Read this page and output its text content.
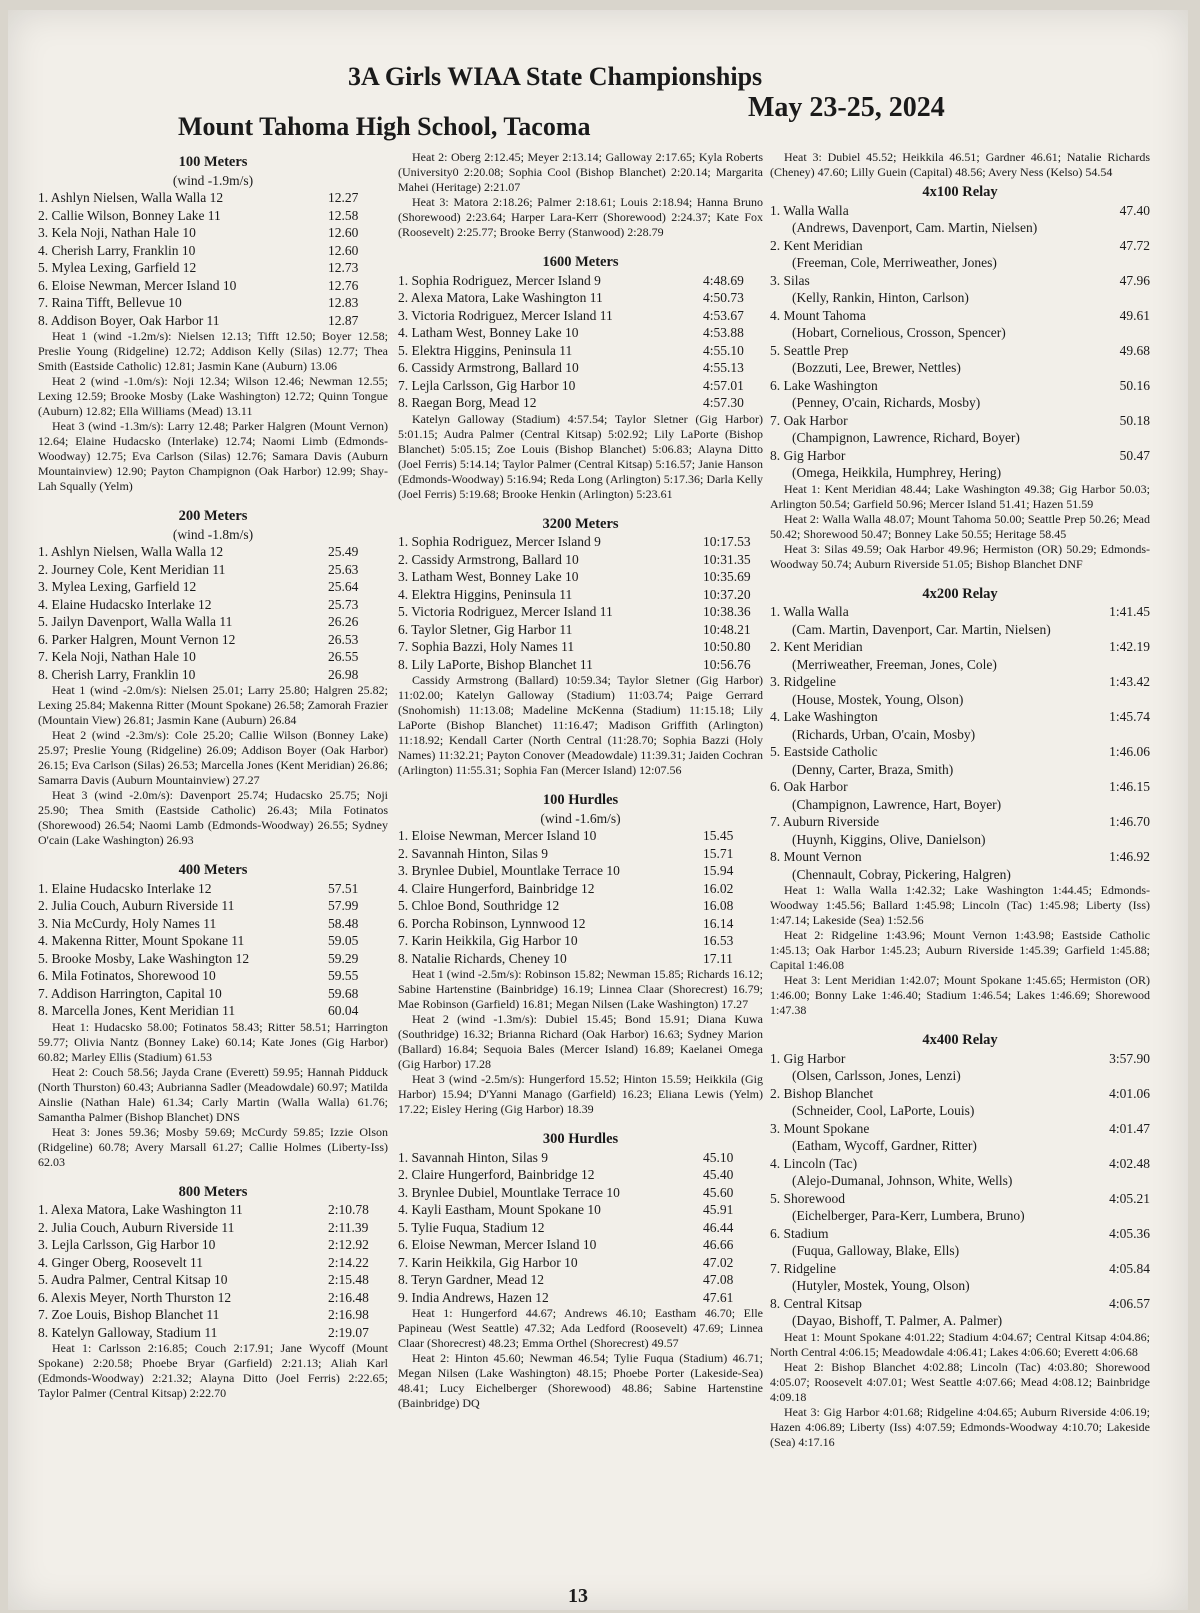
3A Girls WIAA State Championships
May 23-25, 2024
Mount Tahoma High School, Tacoma
100 Meters
(wind -1.9m/s)
1. Ashlyn Nielsen, Walla Walla 12	12.27
2. Callie Wilson, Bonney Lake 11	12.58
3. Kela Noji, Nathan Hale 10	12.60
4. Cherish Larry, Franklin 10	12.60
5. Mylea Lexing, Garfield 12	12.73
6. Eloise Newman, Mercer Island 10	12.76
7. Raina Tifft, Bellevue 10	12.83
8. Addison Boyer, Oak Harbor 11	12.87
Heat 1 (wind -1.2m/s): Nielsen 12.13; Tifft 12.50; Boyer 12.58; Preslie Young (Ridgeline) 12.72; Addison Kelly (Silas) 12.77; Thea Smith (Eastside Catholic) 12.81; Jasmin Kane (Auburn) 13.06
Heat 2 (wind -1.0m/s): Noji 12.34; Wilson 12.46; Newman 12.55; Lexing 12.59; Brooke Mosby (Lake Washington) 12.72; Quinn Tongue (Auburn) 12.82; Ella Williams (Mead) 13.11
Heat 3 (wind -1.3m/s): Larry 12.48; Parker Halgren (Mount Vernon) 12.64; Elaine Hudacsko (Interlake) 12.74; Naomi Limb (Edmonds-Woodway) 12.75; Eva Carlson (Silas) 12.76; Samara Davis (Auburn Mountainview) 12.90; Payton Champignon (Oak Harbor) 12.99; Shay-Lah Squally (Yelm)
200 Meters
(wind -1.8m/s)
1. Ashlyn Nielsen, Walla Walla 12	25.49
2. Journey Cole, Kent Meridian 11	25.63
3. Mylea Lexing, Garfield 12	25.64
4. Elaine Hudacsko Interlake 12	25.73
5. Jailyn Davenport, Walla Walla 11	26.26
6. Parker Halgren, Mount Vernon 12	26.53
7. Kela Noji, Nathan Hale 10	26.55
8. Cherish Larry, Franklin 10	26.98
Heat 1 (wind -2.0m/s): Nielsen 25.01; Larry 25.80; Halgren 25.82; Lexing 25.84; Makenna Ritter (Mount Spokane) 26.58; Zamorah Frazier (Mountain View) 26.81; Jasmin Kane (Auburn) 26.84
Heat 2 (wind -2.3m/s): Cole 25.20; Callie Wilson (Bonney Lake) 25.97; Preslie Young (Ridgeline) 26.09; Addison Boyer (Oak Harbor) 26.15; Eva Carlson (Silas) 26.53; Marcella Jones (Kent Meridian) 26.86; Samarra Davis (Auburn Mountainview) 27.27
Heat 3 (wind -2.0m/s): Davenport 25.74; Hudacsko 25.75; Noji 25.90; Thea Smith (Eastside Catholic) 26.43; Mila Fotinatos (Shorewood) 26.54; Naomi Lamb (Edmonds-Woodway) 26.55; Sydney O'cain (Lake Washington) 26.93
400 Meters
1. Elaine Hudacsko Interlake 12	57.51
2. Julia Couch, Auburn Riverside 11	57.99
3. Nia McCurdy, Holy Names 11	58.48
4. Makenna Ritter, Mount Spokane 11	59.05
5. Brooke Mosby, Lake Washington 12	59.29
6. Mila Fotinatos, Shorewood 10	59.55
7. Addison Harrington, Capital 10	59.68
8. Marcella Jones, Kent Meridian 11	60.04
Heat 1: Hudacsko 58.00; Fotinatos 58.43; Ritter 58.51; Harrington 59.77; Olivia Nantz (Bonney Lake) 60.14; Kate Jones (Gig Harbor) 60.82; Marley Ellis (Stadium) 61.53
Heat 2: Couch 58.56; Jayda Crane (Everett) 59.95; Hannah Pidduck (North Thurston) 60.43; Aubrianna Sadler (Meadowdale) 60.97; Matilda Ainslie (Nathan Hale) 61.34; Carly Martin (Walla Walla) 61.76; Samantha Palmer (Bishop Blanchet) DNS
Heat 3: Jones 59.36; Mosby 59.69; McCurdy 59.85; Izzie Olson (Ridgeline) 60.78; Avery Marsall 61.27; Callie Holmes (Liberty-Iss) 62.03
800 Meters
1. Alexa Matora, Lake Washington 11	2:10.78
2. Julia Couch, Auburn Riverside 11	2:11.39
3. Lejla Carlsson, Gig Harbor 10	2:12.92
4. Ginger Oberg, Roosevelt 11	2:14.22
5. Audra Palmer, Central Kitsap 10	2:15.48
6. Alexis Meyer, North Thurston 12	2:16.48
7. Zoe Louis, Bishop Blanchet 11	2:16.98
8. Katelyn Galloway, Stadium 11	2:19.07
Heat 1: Carlsson 2:16.85; Couch 2:17.91; Jane Wycoff (Mount Spokane) 2:20.58; Phoebe Bryar (Garfield) 2:21.13; Aliah Karl (Edmonds-Woodway) 2:21.32; Alayna Ditto (Joel Ferris) 2:22.65; Taylor Palmer (Central Kitsap) 2:22.70
Heat 2: Oberg 2:12.45; Meyer 2:13.14; Galloway 2:17.65; Kyla Roberts (University0 2:20.08; Sophia Cool (Bishop Blanchet) 2:20.14; Margarita Mahei (Heritage) 2:21.07
Heat 3: Matora 2:18.26; Palmer 2:18.61; Louis 2:18.94; Hanna Bruno (Shorewood) 2:23.64; Harper Lara-Kerr (Shorewood) 2:24.37; Kate Fox (Roosevelt) 2:25.77; Brooke Berry (Stanwood) 2:28.79
1600 Meters
1. Sophia Rodriguez, Mercer Island 9	4:48.69
2. Alexa Matora, Lake Washington 11	4:50.73
3. Victoria Rodriguez, Mercer Island 11	4:53.67
4. Latham West, Bonney Lake 10	4:53.88
5. Elektra Higgins, Peninsula 11	4:55.10
6. Cassidy Armstrong, Ballard 10	4:55.13
7. Lejla Carlsson, Gig Harbor 10	4:57.01
8. Raegan Borg, Mead 12	4:57.30
Katelyn Galloway (Stadium) 4:57.54; Taylor Sletner (Gig Harbor) 5:01.15; Audra Palmer (Central Kitsap) 5:02.92; Lily LaPorte (Bishop Blanchet) 5:05.15; Zoe Louis (Bishop Blanchet) 5:06.83; Alayna Ditto (Joel Ferris) 5:14.14; Taylor Palmer (Central Kitsap) 5:16.57; Janie Hanson (Edmonds-Woodway) 5:16.94; Reda Long (Arlington) 5:17.36; Darla Kelly (Joel Ferris) 5:19.68; Brooke Henkin (Arlington) 5:23.61
3200 Meters
1. Sophia Rodriguez, Mercer Island 9	10:17.53
2. Cassidy Armstrong, Ballard 10	10:31.35
3. Latham West, Bonney Lake 10	10:35.69
4. Elektra Higgins, Peninsula 11	10:37.20
5. Victoria Rodriguez, Mercer Island 11	10:38.36
6. Taylor Sletner, Gig Harbor 11	10:48.21
7. Sophia Bazzi, Holy Names 11	10:50.80
8. Lily LaPorte, Bishop Blanchet 11	10:56.76
Cassidy Armstrong (Ballard) 10:59.34; Taylor Sletner (Gig Harbor) 11:02.00; Katelyn Galloway (Stadium) 11:03.74; Paige Gerrard (Snohomish) 11:13.08; Madeline McKenna (Stadium) 11:15.18; Lily LaPorte (Bishop Blanchet) 11:16.47; Madison Griffith (Arlington) 11:18.92; Kendall Carter (North Central (11:28.70; Sophia Bazzi (Holy Names) 11:32.21; Payton Conover (Meadowdale) 11:39.31; Jaiden Cochran (Arlington) 11:55.31; Sophia Fan (Mercer Island) 12:07.56
100 Hurdles
(wind -1.6m/s)
1. Eloise Newman, Mercer Island 10	15.45
2. Savannah Hinton, Silas 9	15.71
3. Brynlee Dubiel, Mountlake Terrace 10	15.94
4. Claire Hungerford, Bainbridge 12	16.02
5. Chloe Bond, Southridge 12	16.08
6. Porcha Robinson, Lynnwood 12	16.14
7. Karin Heikkila, Gig Harbor 10	16.53
8. Natalie Richards, Cheney 10	17.11
Heat 1 (wind -2.5m/s): Robinson 15.82; Newman 15.85; Richards 16.12; Sabine Hartenstine (Bainbridge) 16.19; Linnea Claar (Shorecrest) 16.79; Mae Robinson (Garfield) 16.81; Megan Nilsen (Lake Washington) 17.27
Heat 2 (wind -1.3m/s): Dubiel 15.45; Bond 15.91; Diana Kuwa (Southridge) 16.32; Brianna Richard (Oak Harbor) 16.63; Sydney Marion (Ballard) 16.84; Sequoia Bales (Mercer Island) 16.89; Kaelanei Omega (Gig Harbor) 17.28
Heat 3 (wind -2.5m/s): Hungerford 15.52; Hinton 15.59; Heikkila (Gig Harbor) 15.94; D'Yanni Manago (Garfield) 16.23; Eliana Lewis (Yelm) 17.22; Eisley Hering (Gig Harbor) 18.39
300 Hurdles
1. Savannah Hinton, Silas 9	45.10
2. Claire Hungerford, Bainbridge 12	45.40
3. Brynlee Dubiel, Mountlake Terrace 10	45.60
4. Kayli Eastham, Mount Spokane 10	45.91
5. Tylie Fuqua, Stadium 12	46.44
6. Eloise Newman, Mercer Island 10	46.66
7. Karin Heikkila, Gig Harbor 10	47.02
8. Teryn Gardner, Mead 12	47.08
9. India Andrews, Hazen 12	47.61
Heat 1: Hungerford 44.67; Andrews 46.10; Eastham 46.70; Elle Papineau (West Seattle) 47.32; Ada Ledford (Roosevelt) 47.69; Linnea Claar (Shorecrest) 48.23; Emma Orthel (Shorecrest) 49.57
Heat 2: Hinton 45.60; Newman 46.54; Tylie Fuqua (Stadium) 46.71; Megan Nilsen (Lake Washington) 48.15; Phoebe Porter (Lakeside-Sea) 48.41; Lucy Eichelberger (Shorewood) 48.86; Sabine Hartenstine (Bainbridge) DQ
Heat 3: Dubiel 45.52; Heikkila 46.51; Gardner 46.61; Natalie Richards (Cheney) 47.60; Lilly Guein (Capital) 48.56; Avery Ness (Kelso) 54.54
4x100 Relay
1. Walla Walla	47.40
(Andrews, Davenport, Cam. Martin, Nielsen)
2. Kent Meridian	47.72
(Freeman, Cole, Merriweather, Jones)
3. Silas	47.96
(Kelly, Rankin, Hinton, Carlson)
4. Mount Tahoma	49.61
(Hobart, Cornelious, Crosson, Spencer)
5. Seattle Prep	49.68
(Bozzuti, Lee, Brewer, Nettles)
6. Lake Washington	50.16
(Penney, O'cain, Richards, Mosby)
7. Oak Harbor	50.18
(Champignon, Lawrence, Richard, Boyer)
8. Gig Harbor	50.47
(Omega, Heikkila, Humphrey, Hering)
Heat 1: Kent Meridian 48.44; Lake Washington 49.38; Gig Harbor 50.03; Arlington 50.54; Garfield 50.96; Mercer Island 51.41; Hazen 51.59
Heat 2: Walla Walla 48.07; Mount Tahoma 50.00; Seattle Prep 50.26; Mead 50.42; Shorewood 50.47; Bonney Lake 50.55; Heritage 58.45
Heat 3: Silas 49.59; Oak Harbor 49.96; Hermiston (OR) 50.29; Edmonds-Woodway 50.74; Auburn Riverside 51.05; Bishop Blanchet DNF
4x200 Relay
1. Walla Walla	1:41.45
(Cam. Martin, Davenport, Car. Martin, Nielsen)
2. Kent Meridian	1:42.19
(Merriweather, Freeman, Jones, Cole)
3. Ridgeline	1:43.42
(House, Mostek, Young, Olson)
4. Lake Washington	1:45.74
(Richards, Urban, O'cain, Mosby)
5. Eastside Catholic	1:46.06
(Denny, Carter, Braza, Smith)
6. Oak Harbor	1:46.15
(Champignon, Lawrence, Hart, Boyer)
7. Auburn Riverside	1:46.70
(Huynh, Kiggins, Olive, Danielson)
8. Mount Vernon	1:46.92
(Chennault, Cobray, Pickering, Halgren)
Heat 1: Walla Walla 1:42.32; Lake Washington 1:44.45; Edmonds-Woodway 1:45.56; Ballard 1:45.98; Lincoln (Tac) 1:45.98; Liberty (Iss) 1:47.14; Lakeside (Sea) 1:52.56
Heat 2: Ridgeline 1:43.96; Mount Vernon 1:43.98; Eastside Catholic 1:45.13; Oak Harbor 1:45.23; Auburn Riverside 1:45.39; Garfield 1:45.88; Capital 1:46.08
Heat 3: Lent Meridian 1:42.07; Mount Spokane 1:45.65; Hermiston (OR) 1:46.00; Bonny Lake 1:46.40; Stadium 1:46.54; Lakes 1:46.69; Shorewood 1:47.38
4x400 Relay
1. Gig Harbor	3:57.90
(Olsen, Carlsson, Jones, Lenzi)
2. Bishop Blanchet	4:01.06
(Schneider, Cool, LaPorte, Louis)
3. Mount Spokane	4:01.47
(Eatham, Wycoff, Gardner, Ritter)
4. Lincoln (Tac)	4:02.48
(Alejo-Dumanal, Johnson, White, Wells)
5. Shorewood	4:05.21
(Eichelberger, Para-Kerr, Lumbera, Bruno)
6. Stadium	4:05.36
(Fuqua, Galloway, Blake, Ells)
7. Ridgeline	4:05.84
(Hutyler, Mostek, Young, Olson)
8. Central Kitsap	4:06.57
(Dayao, Bishoff, T. Palmer, A. Palmer)
Heat 1: Mount Spokane 4:01.22; Stadium 4:04.67; Central Kitsap 4:04.86; North Central 4:06.15; Meadowdale 4:06.41; Lakes 4:06.60; Everett 4:06.68
Heat 2: Bishop Blanchet 4:02.88; Lincoln (Tac) 4:03.80; Shorewood 4:05.07; Roosevelt 4:07.01; West Seattle 4:07.66; Mead 4:08.12; Bainbridge 4:09.18
Heat 3: Gig Harbor 4:01.68; Ridgeline 4:04.65; Auburn Riverside 4:06.19; Hazen 4:06.89; Liberty (Iss) 4:07.59; Edmonds-Woodway 4:10.70; Lakeside (Sea) 4:17.16
13
